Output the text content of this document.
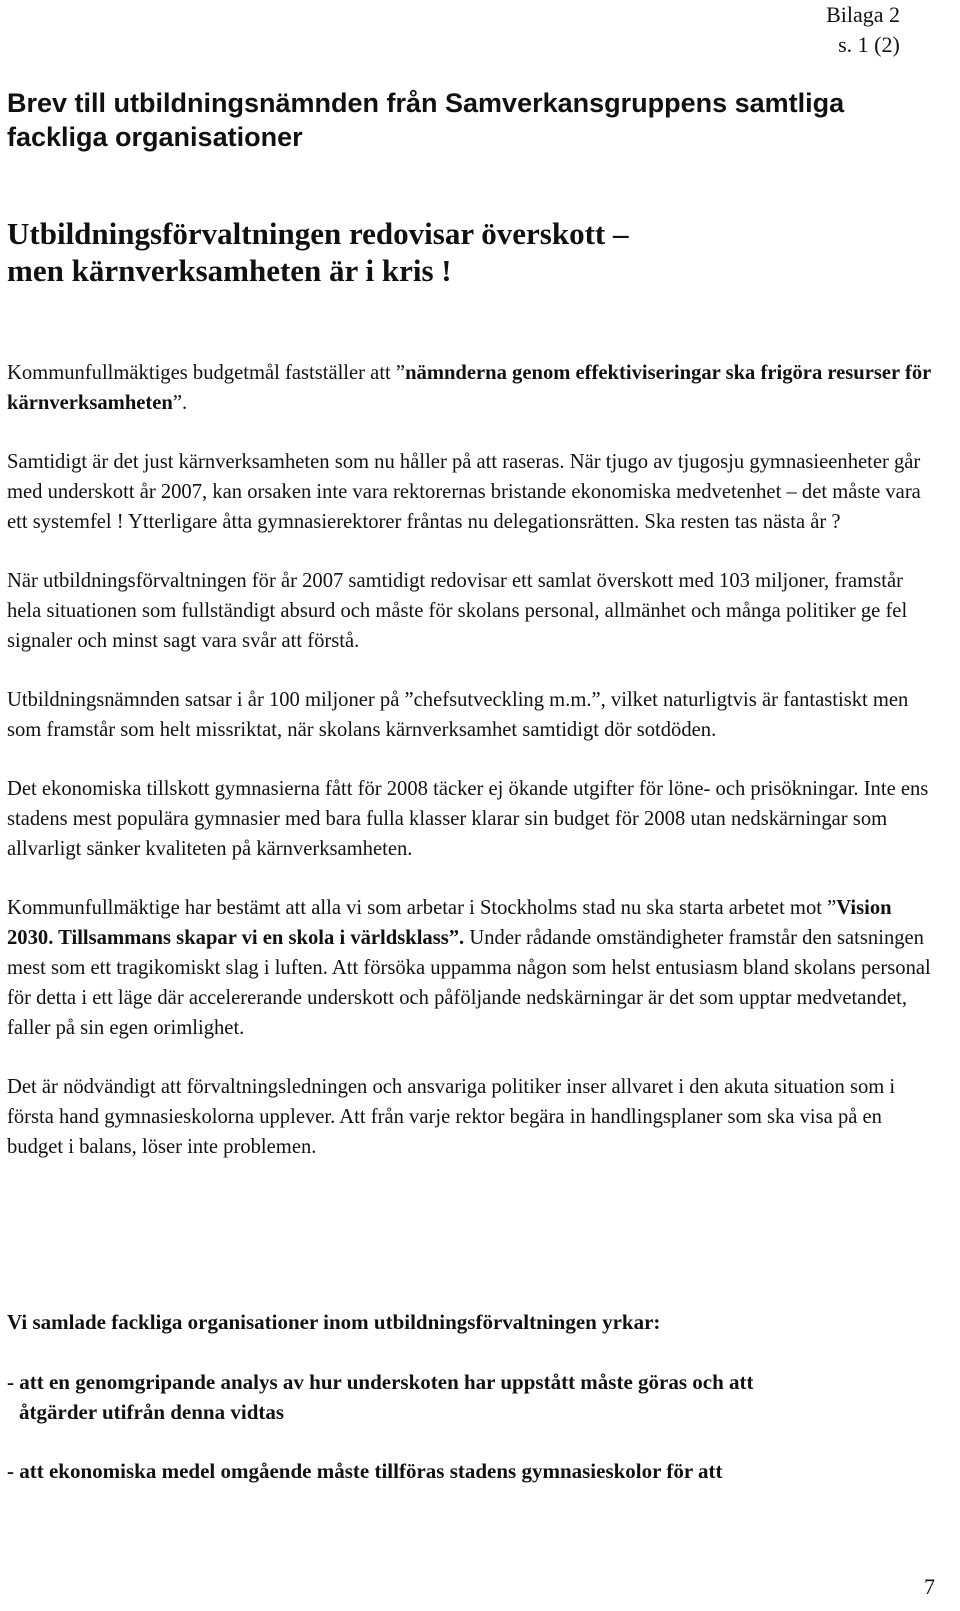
Bilaga 2
s. 1 (2)
Brev till utbildningsnämnden från Samverkansgruppens samtliga fackliga organisationer
Utbildningsförvaltningen redovisar överskott –
men kärnverksamheten är i kris !

Kommunfullmäktiges budgetmål fastställer att ”nämnderna genom effektiviseringar ska frigöra resurser för kärnverksamheten”.

Samtidigt är det just kärnverksamheten som nu håller på att raseras. När tjugo av tjugosju gymnasieenheter går med underskott år 2007, kan orsaken inte vara rektorernas bristande ekonomiska medvetenhet – det måste vara ett systemfel ! Ytterligare åtta gymnasierektorer fråntas nu delegationsrätten. Ska resten tas nästa år ?

När utbildningsförvaltningen för år 2007 samtidigt redovisar ett samlat överskott med 103 miljoner, framstår hela situationen som fullständigt absurd och måste för skolans personal, allmänhet och många politiker ge fel signaler och minst sagt vara svår att förstå.

Utbildningsnämnden satsar i år 100 miljoner på ”chefsutveckling m.m.”, vilket naturligtvis är fantastiskt men som framstår som helt missriktat, när skolans kärnverksamhet samtidigt dör sotdöden.

Det ekonomiska tillskott gymnasierna fått för 2008 täcker ej ökande utgifter för löne- och prisökningar. Inte ens stadens mest populära gymnasier med bara fulla klasser klarar sin budget för 2008 utan nedskärningar som allvarligt sänker kvaliteten på kärnverksamheten.

Kommunfullmäktige har bestämt att alla vi som arbetar i Stockholms stad nu ska starta arbetet mot ”Vision 2030. Tillsammans skapar vi en skola i världsklass”. Under rådande omständigheter framstår den satsningen mest som ett tragikomiskt slag i luften. Att försöka uppamma någon som helst entusiasm bland skolans personal för detta i ett läge där accelererande underskott och påföljande nedskärningar är det som upptar medvetandet, faller på sin egen orimlighet.

Det är nödvändigt att förvaltningsledningen och ansvariga politiker inser allvaret i den akuta situation som i första hand gymnasieskolorna upplever. Att från varje rektor begära in handlingsplaner som ska visa på en budget i balans, löser inte problemen.

Vi samlade fackliga organisationer inom utbildningsförvaltningen yrkar:

- att en genomgripande analys av hur underskoten har uppstått måste göras och att
åtgärder utifrån denna vidtas

- att ekonomiska medel omgående måste tillföras stadens gymnasieskolor för att

7
